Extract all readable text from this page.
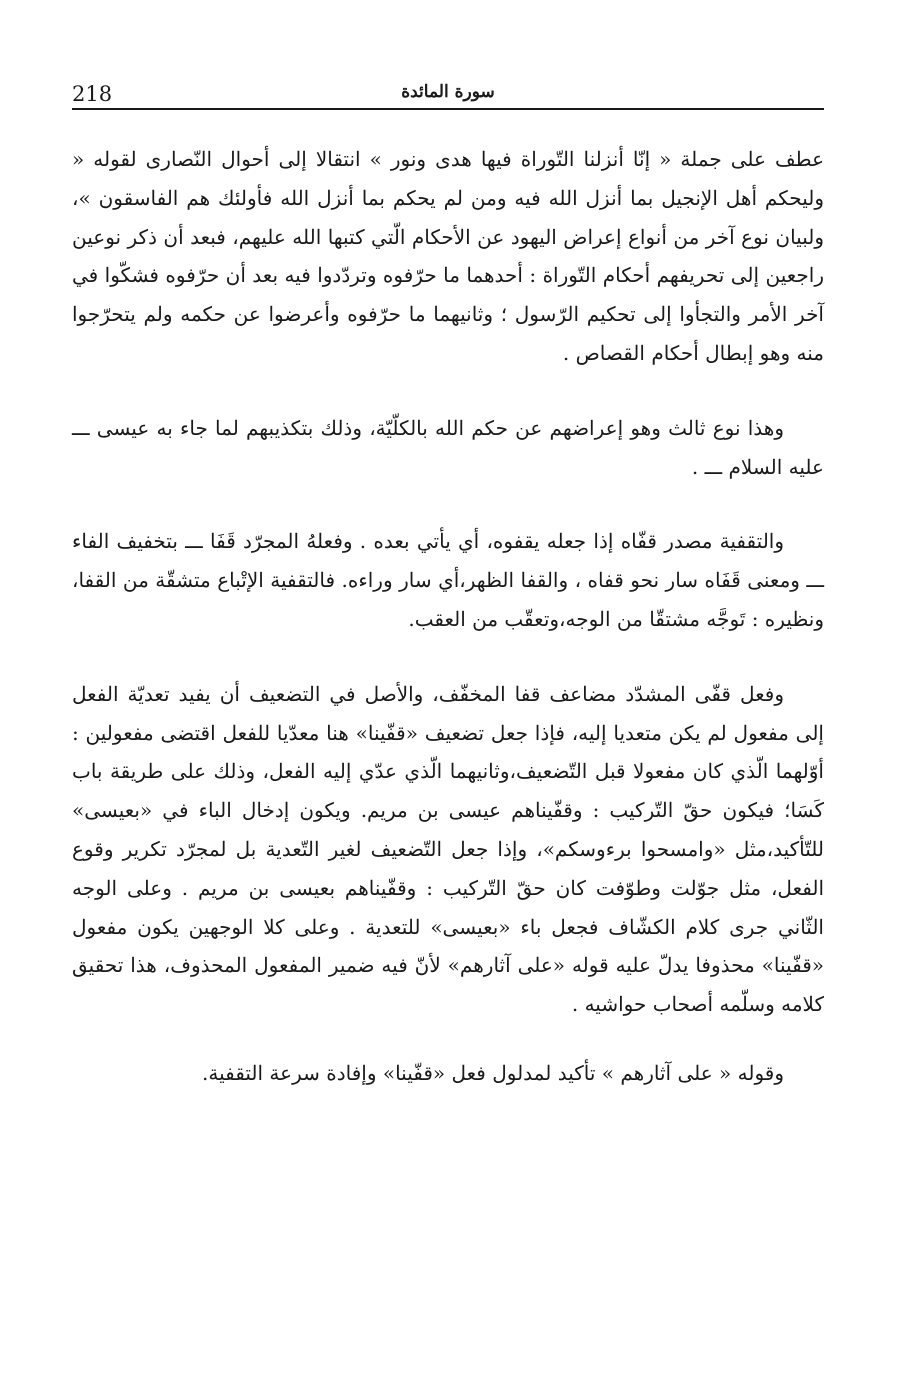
218	سورة المائدة

عطف على جملة « إنّا أنزلنا التّوراة فيها هدى ونور » انتقالا إلى أحوال النّصارى لقوله « وليحكم أهل الإنجيل بما أنزل الله فيه ومن لم يحكم بما أنزل الله فأولئك هم الفاسقون »، ولبيان نوع آخر من أنواع إعراض اليهود عن الأحكام الّتي كتبها الله عليهم، فبعد أن ذكر نوعين راجعين إلى تحريفهم أحكام التّوراة : أحدهما ما حرّفوه وتردّدوا فيه بعد أن حرّفوه فشكّوا في آخر الأمر والتجأوا إلى تحكيم الرّسول ؛ وثانيهما ما حرّفوه وأعرضوا عن حكمه ولم يتحرّجوا منه وهو إبطال أحكام القصاص .

وهذا نوع ثالث وهو إعراضهم عن حكم الله بالكلّيّة، وذلك بتكذيبهم لما جاء به عيسى ـــ عليه السلام ـــ .

والتقفية مصدر قفّاه إذا جعله يقفوه، أي يأتي بعده . وفعلهُ المجرّد قَفَا ـــ بتخفيف الفاء ـــ ومعنى قَفَاه سار نحو قفاه ، والقفا الظهر،أي سار وراءه. فالتقفية الإتْباع متشقّة من القفا، ونظيره : تَوجَّه مشتقّا من الوجه،وتعقّب من العقب.

وفعل قفّى المشدّد مضاعف قفا المخفّف، والأصل في التضعيف أن يفيد تعديّة الفعل إلى مفعول لم يكن متعديا إليه، فإذا جعل تضعيف «قفّينا» هنا معدّيا للفعل اقتضى مفعولين : أوّلهما الّذي كان مفعولا قبل التّضعيف،وثانيهما الّذي عدّي إليه الفعل، وذلك على طريقة باب كَسَا؛ فيكون حقّ التّركيب : وقفّيناهم عيسى بن مريم. ويكون إدخال الباء في «بعيسى» للتّأكيد،مثل «وامسحوا برءوسكم»، وإذا جعل التّضعيف لغير التّعدية بل لمجرّد تكرير وقوع الفعل، مثل جوّلت وطوّفت كان حقّ التّركيب : وقفّيناهم بعيسى بن مريم . وعلى الوجه الثّاني جرى كلام الكشّاف فجعل باء «بعيسى» للتعدية . وعلى كلا الوجهين يكون مفعول «قفّينا» محذوفا يدلّ عليه قوله «على آثارهم» لأنّ فيه ضمير المفعول المحذوف، هذا تحقيق كلامه وسلّمه أصحاب حواشيه .

وقوله « على آثارهم » تأكيد لمدلول فعل «قفّينا» وإفادة سرعة التقفية.
